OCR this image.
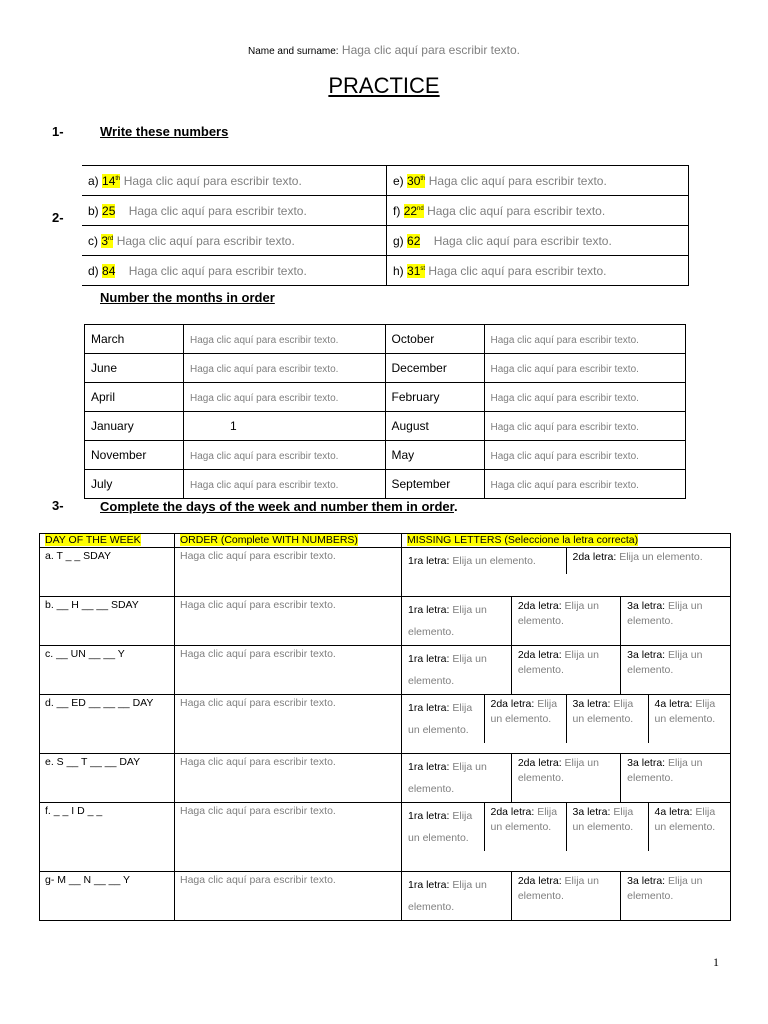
Name and surname: Haga clic aquí para escribir texto.
PRACTICE
1-	Write these numbers
2-
a) 14th Haga clic aquí para escribir texto.	e) 30th Haga clic aquí para escribir texto.
b) 25 Haga clic aquí para escribir texto.	f) 22nd Haga clic aquí para escribir texto.
c) 3rd Haga clic aquí para escribir texto.	g) 62 Haga clic aquí para escribir texto.
d) 84 Haga clic aquí para escribir texto.	h) 31st Haga clic aquí para escribir texto.
Number the months in order
March	Haga clic aquí para escribir texto.	October	Haga clic aquí para escribir texto.
June	Haga clic aquí para escribir texto.	December	Haga clic aquí para escribir texto.
April	Haga clic aquí para escribir texto.	February	Haga clic aquí para escribir texto.
January	1	August	Haga clic aquí para escribir texto.
November	Haga clic aquí para escribir texto.	May	Haga clic aquí para escribir texto.
July	Haga clic aquí para escribir texto.	September	Haga clic aquí para escribir texto.
3-	Complete the days of the week and number them in order.
DAY OF THE WEEK	ORDER (Complete WITH NUMBERS)	MISSING LETTERS (Seleccione la letra correcta)
a. T _ _ SDAY	Haga clic aquí para escribir texto.		1ra letra: Elija un elemento.	2da letra: Elija un elemento.

b. __ H __ __ SDAY	Haga clic aquí para escribir texto.		1ra letra: Elija un elemento.	2da letra: Elija un elemento.	3a letra: Elija un elemento.

c. __ UN __ __ Y	Haga clic aquí para escribir texto.		1ra letra: Elija un elemento.	2da letra: Elija un elemento.	3a letra: Elija un elemento.

d. __ ED __ __ __ DAY	Haga clic aquí para escribir texto.		1ra letra: Elija un elemento.	2da letra: Elija un elemento.	3a letra: Elija un elemento.	4a letra: Elija un elemento.

e. S __ T __ __ DAY	Haga clic aquí para escribir texto.		1ra letra: Elija un elemento.	2da letra: Elija un elemento.	3a letra: Elija un elemento.

f. _ _ I D _ _	Haga clic aquí para escribir texto.		1ra letra: Elija un elemento.	2da letra: Elija un elemento.	3a letra: Elija un elemento.	4a letra: Elija un elemento.

g- M __ N __ __ Y	Haga clic aquí para escribir texto.		1ra letra: Elija un elemento.	2da letra: Elija un elemento.	3a letra: Elija un elemento.
1
